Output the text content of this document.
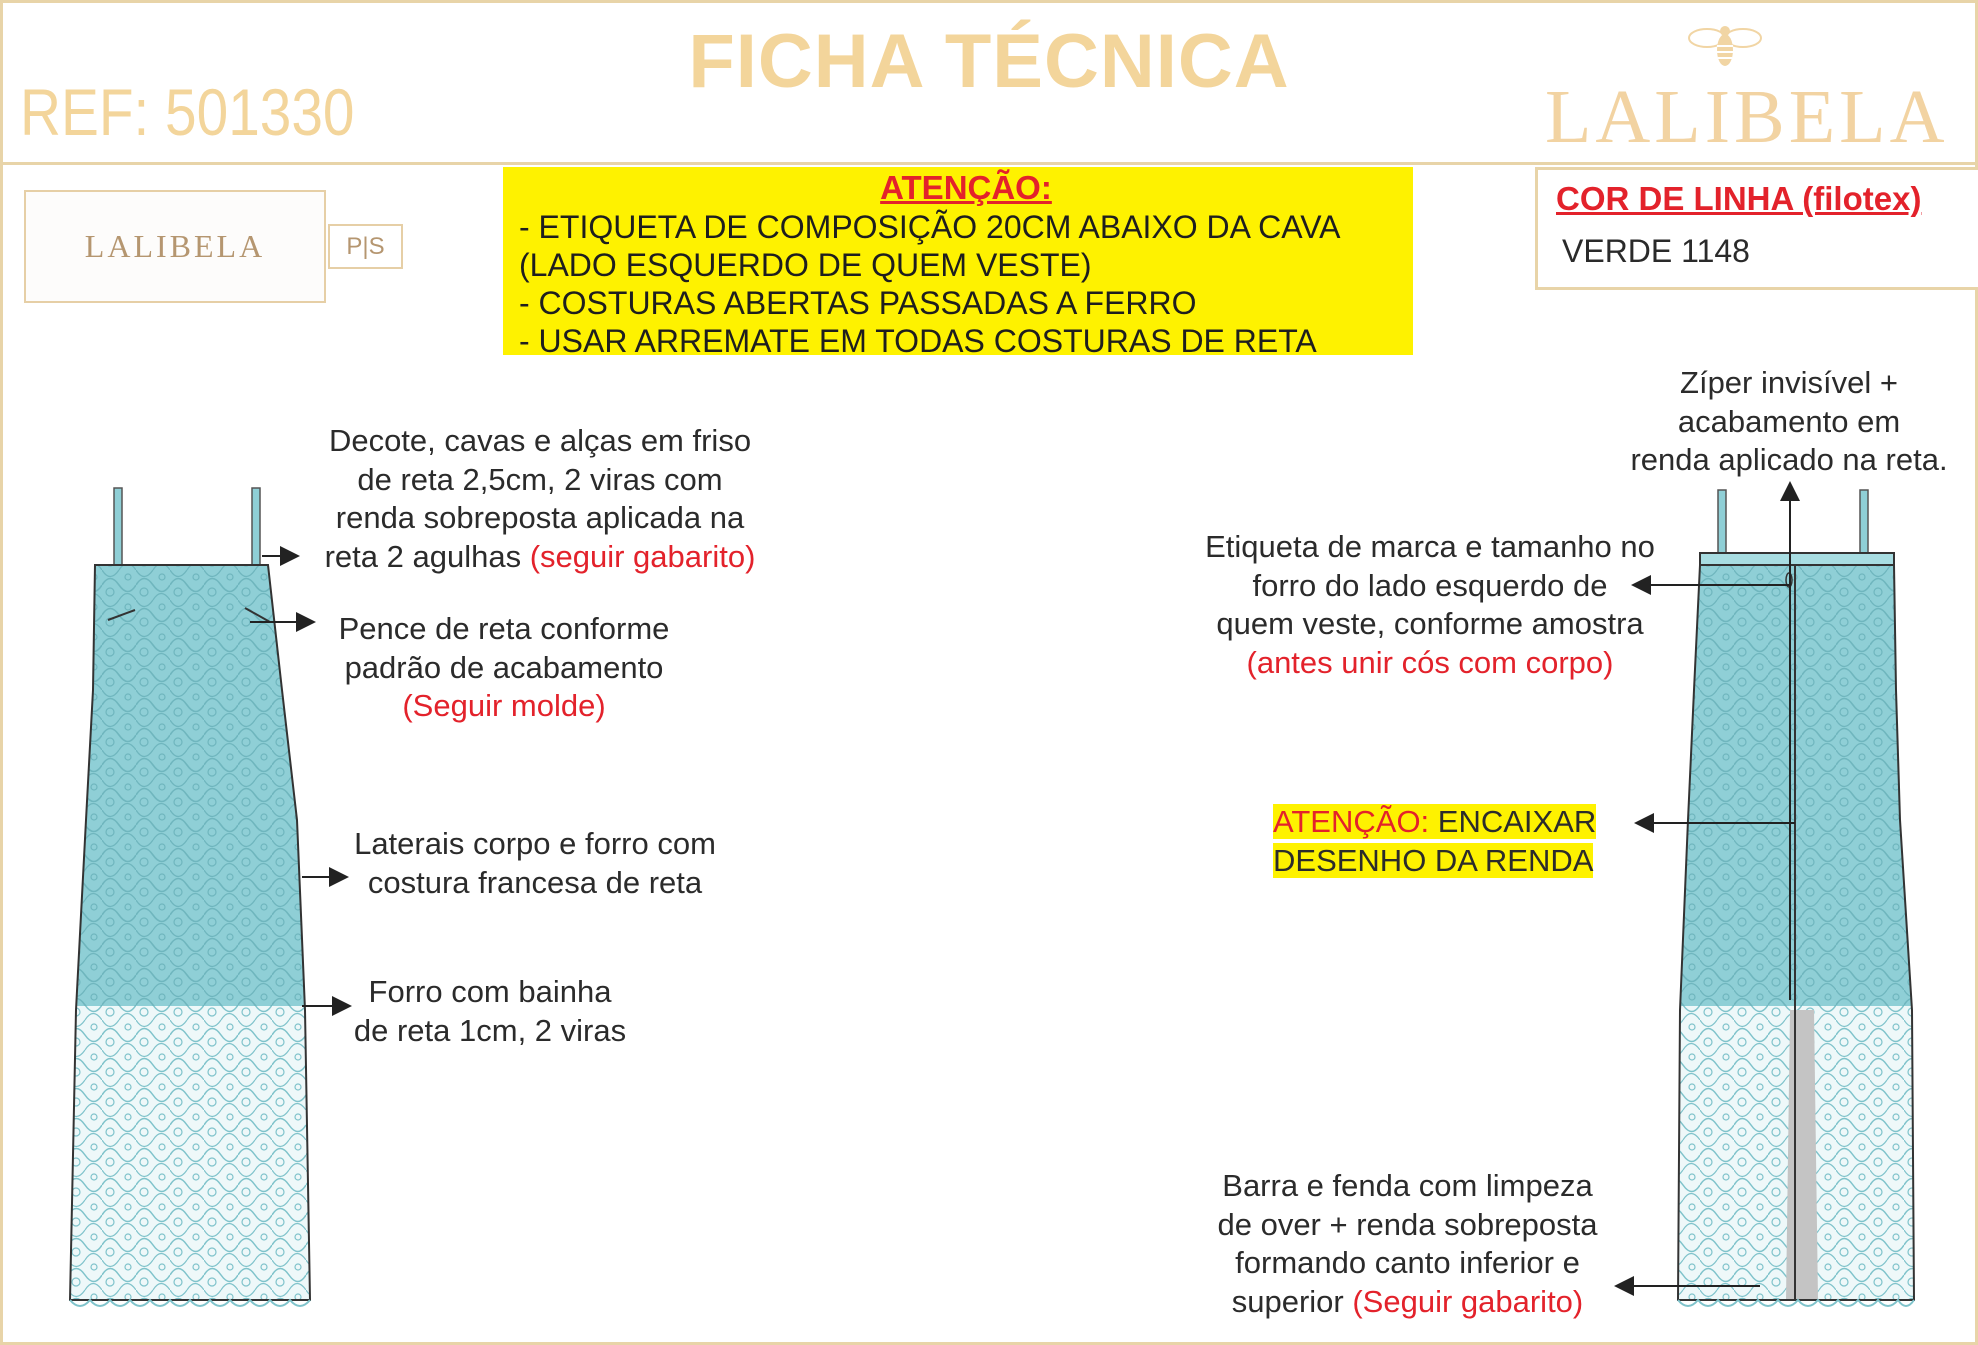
FICHA TÉCNICA
REF: 501330	LALIBELA
LALIBELA	P|S
ATENÇÃO:
- ETIQUETA DE COMPOSIÇÃO 20CM ABAIXO DA CAVA
(LADO ESQUERDO DE QUEM VESTE)
- COSTURAS ABERTAS PASSADAS A FERRO
- USAR ARREMATE EM TODAS COSTURAS DE RETA
COR DE LINHA (filotex)
VERDE 1148
Decote, cavas e alças em friso
de reta 2,5cm, 2 viras com
renda sobreposta aplicada na
reta 2 agulhas (seguir gabarito)
Pence de reta conforme
padrão de acabamento
(Seguir molde)
Laterais corpo e forro com
costura francesa de reta
Forro com bainha
de reta 1cm, 2 viras
Zíper invisível +
acabamento em
renda aplicado na reta.
Etiqueta de marca e tamanho no
forro do lado esquerdo de
quem veste, conforme amostra
(antes unir cós com corpo)
ATENÇÃO: ENCAIXAR
DESENHO DA RENDA
Barra e fenda com limpeza
de over + renda sobreposta
formando canto inferior e
superior (Seguir gabarito)
